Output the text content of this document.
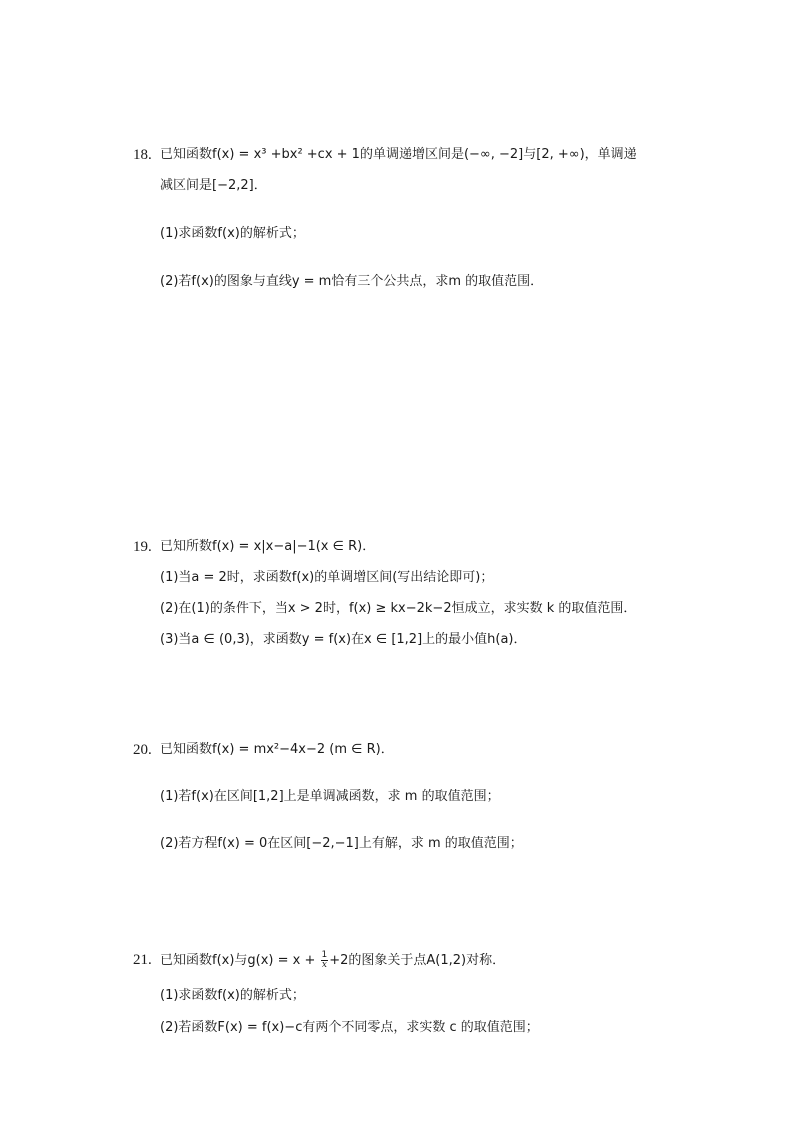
18. 已知函数f(x) = x³ +bx² +cx + 1的单调递增区间是(−∞, −2]与[2, +∞)，单调递
减区间是[−2,2]．
(1)求函数f(x)的解析式；
(2)若f(x)的图象与直线y = m恰有三个公共点，求m 的取值范围．
19. 已知所数f(x) = x|x−a|−1(x ∈ R)．
(1)当a = 2时，求函数f(x)的单调增区间(写出结论即可)；
(2)在(1)的条件下，当x > 2时，f(x) ≥ kx−2k−2恒成立，求实数 k 的取值范围．
(3)当a ∈ (0,3)，求函数y = f(x)在x ∈ [1,2]上的最小值h(a)．
20. 已知函数f(x) = mx²−4x−2 (m ∈ R)．
(1)若f(x)在区间[1,2]上是单调减函数，求 m 的取值范围；
(2)若方程f(x) = 0在区间[−2,−1]上有解，求 m 的取值范围；
21. 已知函数f(x)与$g(x) = x + \frac{1}{x} +2$的图象关于点A(1,2)对称．
(1)求函数f(x)的解析式；
(2)若函数F(x) = f(x)−c有两个不同零点，求实数 c 的取值范围；
